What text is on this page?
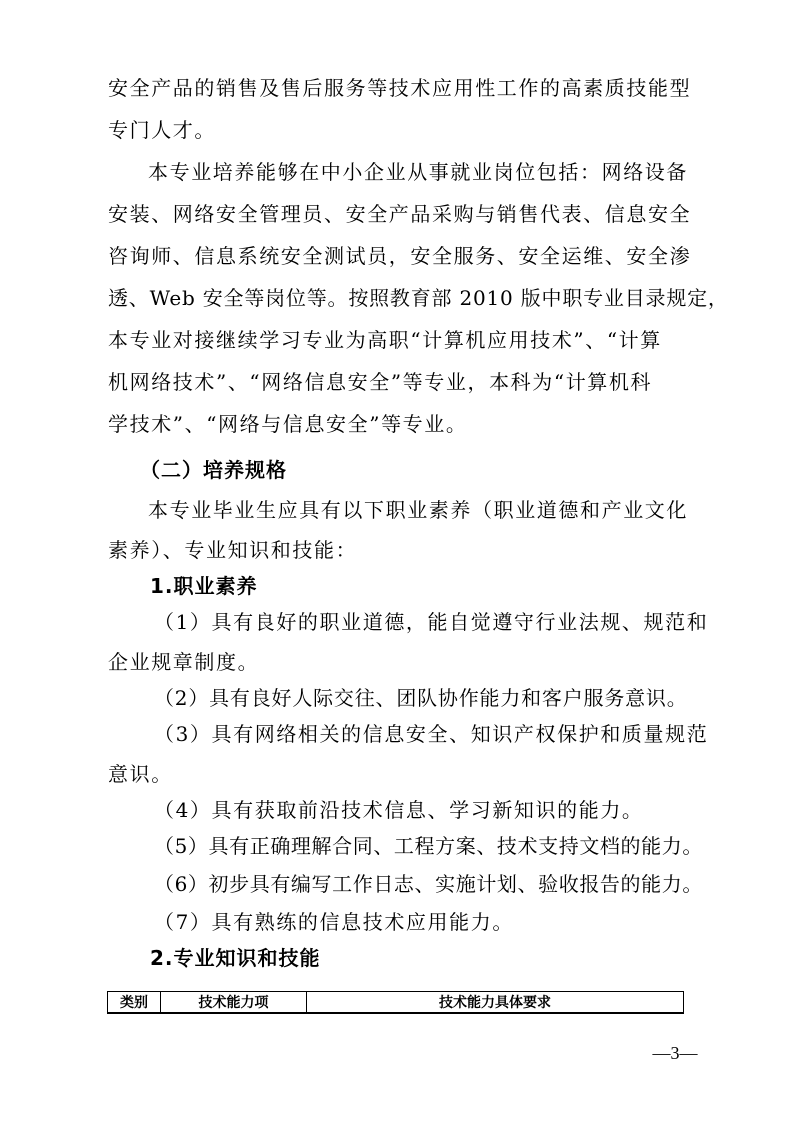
安全产品的销售及售后服务等技术应用性工作的高素质技能型
专门人才。
本专业培养能够在中小企业从事就业岗位包括：网络设备
安装、网络安全管理员、安全产品采购与销售代表、信息安全
咨询师、信息系统安全测试员，安全服务、安全运维、安全渗
透、Web 安全等岗位等。按照教育部 2010 版中职专业目录规定，
本专业对接继续学习专业为高职“计算机应用技术”、“计算
机网络技术”、“网络信息安全”等专业，本科为“计算机科
学技术”、“网络与信息安全”等专业。
（二）培养规格
本专业毕业生应具有以下职业素养（职业道德和产业文化
素养）、专业知识和技能：
1.职业素养
（1）具有良好的职业道德，能自觉遵守行业法规、规范和
企业规章制度。
（2）具有良好人际交往、团队协作能力和客户服务意识。
（3）具有网络相关的信息安全、知识产权保护和质量规范
意识。
（4）具有获取前沿技术信息、学习新知识的能力。
（5）具有正确理解合同、工程方案、技术支持文档的能力。
（6）初步具有编写工作日志、实施计划、验收报告的能力。
（7）具有熟练的信息技术应用能力。
2.专业知识和技能
类别	技术能力项	技术能力具体要求
—3—
